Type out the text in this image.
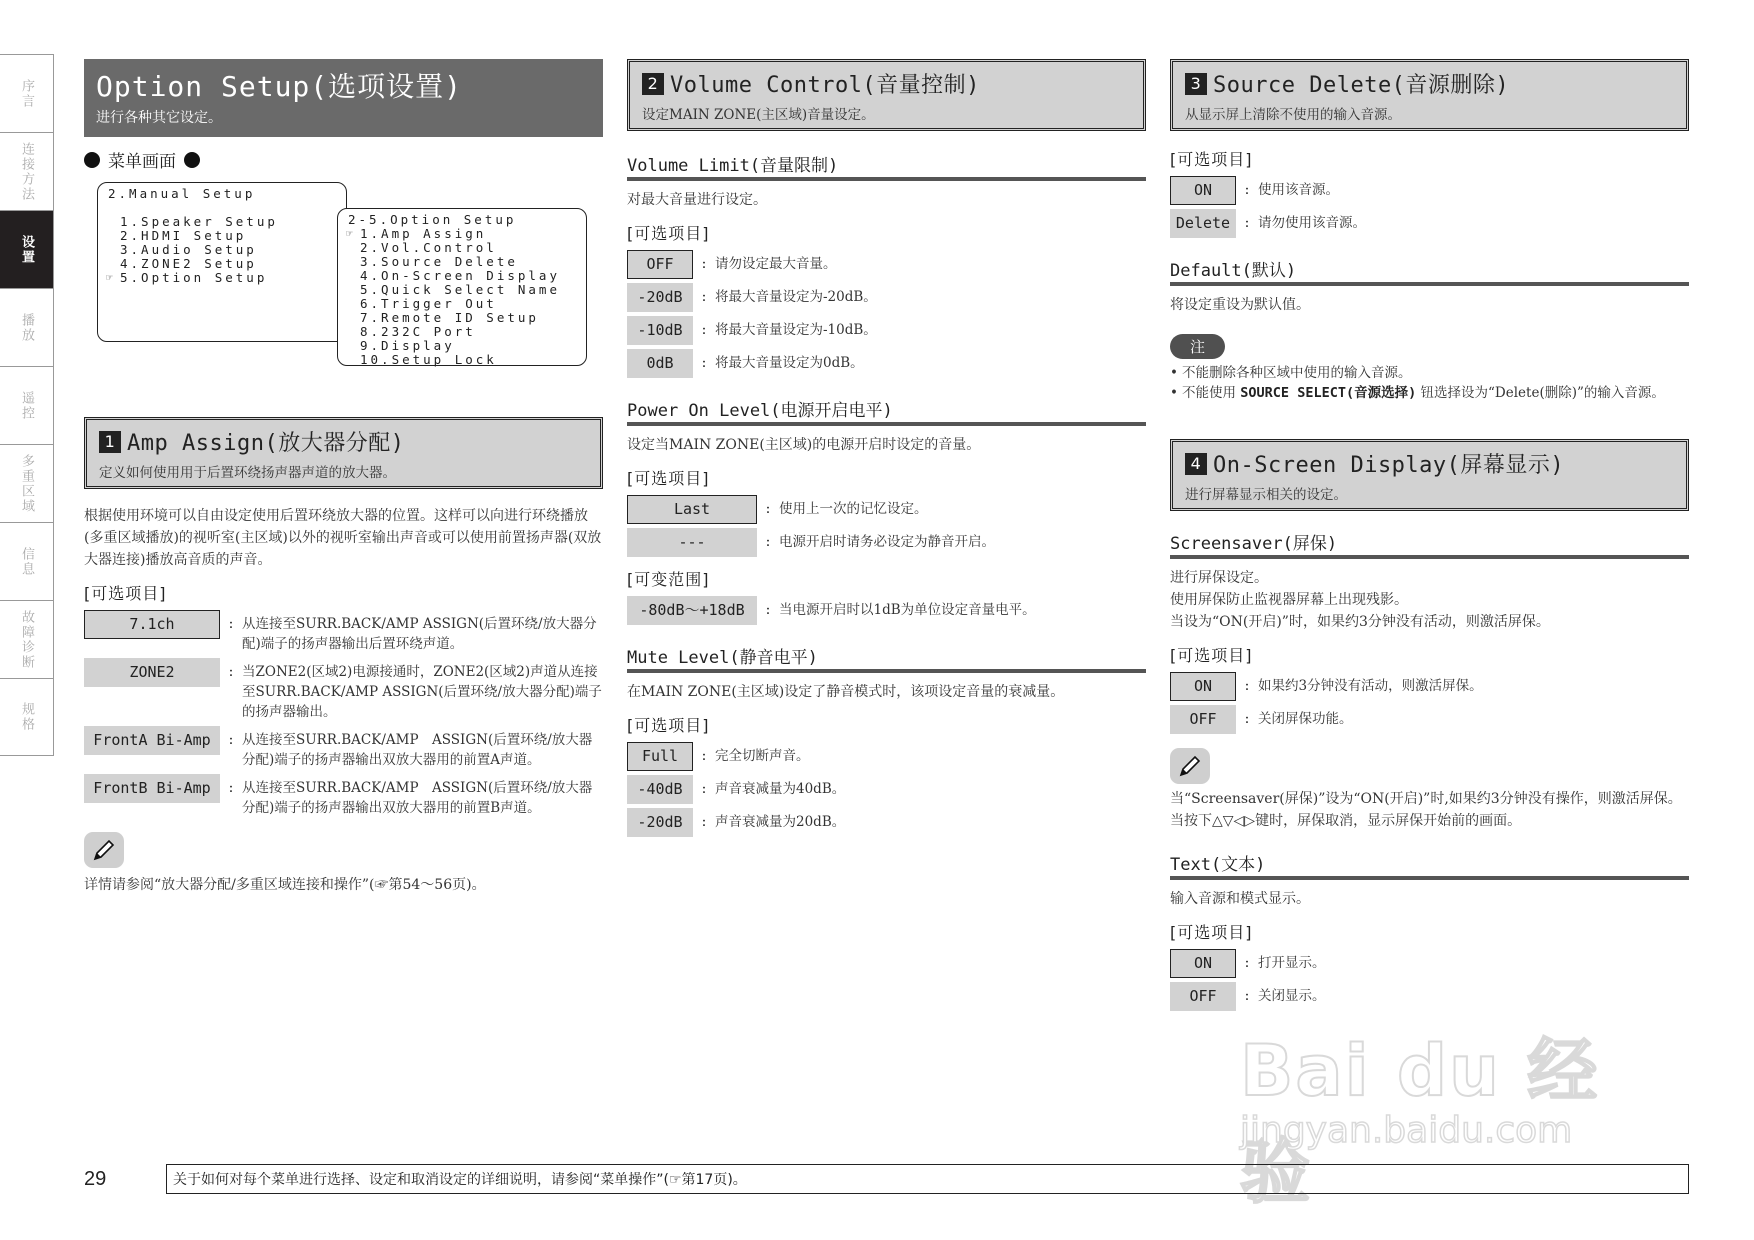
序言
连接方法
设置
播放
遥控
多重区域
信息
故障诊断
规格
Option Setup(选项设置)
进行各种其它设定。
菜单画面
2.Manual Setup
1.Speaker Setup
2.HDMI Setup
3.Audio Setup
4.ZONE2 Setup
☞ 5.Option Setup
2-5.Option Setup
☞ 1.Amp Assign
2.Vol.Control
3.Source Delete
4.On-Screen Display
5.Quick Select Name
6.Trigger Out
7.Remote ID Setup
8.232C Port
9.Display
10.Setup Lock
1 Amp Assign(放大器分配)
定义如何使用用于后置环绕扬声器声道的放大器。

根据使用环境可以自由设定使用后置环绕放大器的位置。这样可以向进行环绕播放(多重区域播放)的视听室(主区域)以外的视听室输出声音或可以使用前置扬声器(双放大器连接)播放高音质的声音。

[可选项目]
7.1ch	: 从连接至SURR.BACK/AMP ASSIGN(后置环绕/放大器分配)端子的扬声器输出后置环绕声道。
ZONE2	: 当ZONE2(区域2)电源接通时，ZONE2(区域2)声道从连接至SURR.BACK/AMP ASSIGN(后置环绕/放大器分配)端子的扬声器输出。
FrontA Bi-Amp	: 从连接至SURR.BACK/AMP　ASSIGN(后置环绕/放大器分配)端子的扬声器输出双放大器用的前置A声道。
FrontB Bi-Amp	: 从连接至SURR.BACK/AMP　ASSIGN(后置环绕/放大器分配)端子的扬声器输出双放大器用的前置B声道。

详情请参阅“放大器分配/多重区域连接和操作”(☞第54～56页)。

2 Volume Control(音量控制)
设定MAIN ZONE(主区域)音量设定。
Volume Limit(音量限制)

对最大音量进行设定。

[可选项目]
OFF	: 请勿设定最大音量。
-20dB	: 将最大音量设定为-20dB。
-10dB	: 将最大音量设定为-10dB。
0dB	: 将最大音量设定为0dB。
Power On Level(电源开启电平)

设定当MAIN ZONE(主区域)的电源开启时设定的音量。

[可选项目]
Last	: 使用上一次的记忆设定。
---	: 电源开启时请务必设定为静音开启。
[可变范围]
-80dB～+18dB	: 当电源开启时以1dB为单位设定音量电平。
Mute Level(静音电平)

在MAIN ZONE(主区域)设定了静音模式时，该项设定音量的衰减量。

[可选项目]
Full	: 完全切断声音。
-40dB	: 声音衰减量为40dB。
-20dB	: 声音衰减量为20dB。
3 Source Delete(音源删除)
从显示屏上清除不使用的输入音源。
[可选项目]
ON	: 使用该音源。
Delete	: 请勿使用该音源。
Default(默认)

将设定重设为默认值。

注
• 不能删除各种区域中使用的输入音源。
• 不能使用 SOURCE SELECT(音源选择) 钮选择设为“Delete(删除)”的输入音源。
4 On-Screen Display(屏幕显示)
进行屏幕显示相关的设定。
Screensaver(屏保)

进行屏保设定。

使用屏保防止监视器屏幕上出现残影。

当设为“ON(开启)”时，如果约3分钟没有活动，则激活屏保。

[可选项目]
ON	: 如果约3分钟没有活动，则激活屏保。
OFF	: 关闭屏保功能。

当“Screensaver(屏保)”设为“ON(开启)”时,如果约3分钟没有操作，则激活屏保。

当按下△▽◁▷键时，屏保取消，显示屏保开始前的画面。

Text(文本)

输入音源和模式显示。

[可选项目]
ON	: 打开显示。
OFF	: 关闭显示。
Bai du 经验
jingyan.baidu.com
29	关于如何对每个菜单进行选择、设定和取消设定的详细说明，请参阅“菜单操作”(☞第17页)。
